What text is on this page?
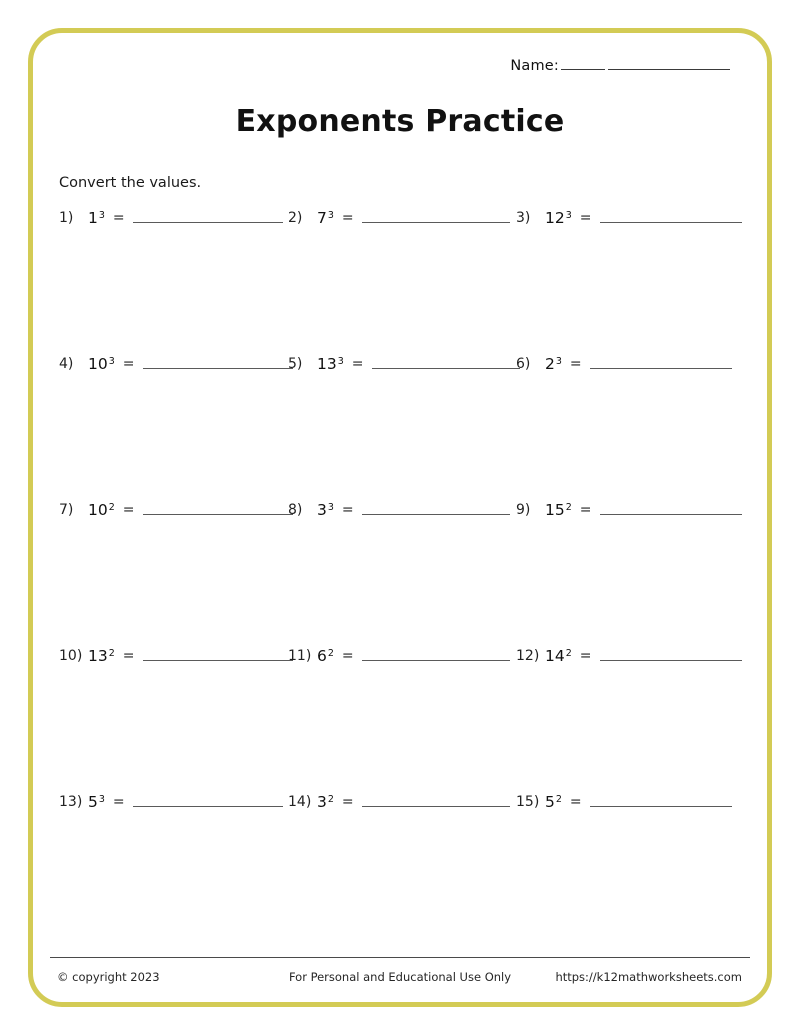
Name:
Exponents Practice
Convert the values.
1) $1^3$ =	2) $7^3$ =	3) $12^3$ =
4) $10^3$ =	5) $13^3$ =	6) $2^3$ =
7) $10^2$ =	8) $3^3$ =	9) $15^2$ =
10) $13^2$ =	11) $6^2$ =	12) $14^2$ =
13) $5^3$ =	14) $3^2$ =	15) $5^2$ =
© copyright 2023	For Personal and Educational Use Only	https://k12mathworksheets.com
